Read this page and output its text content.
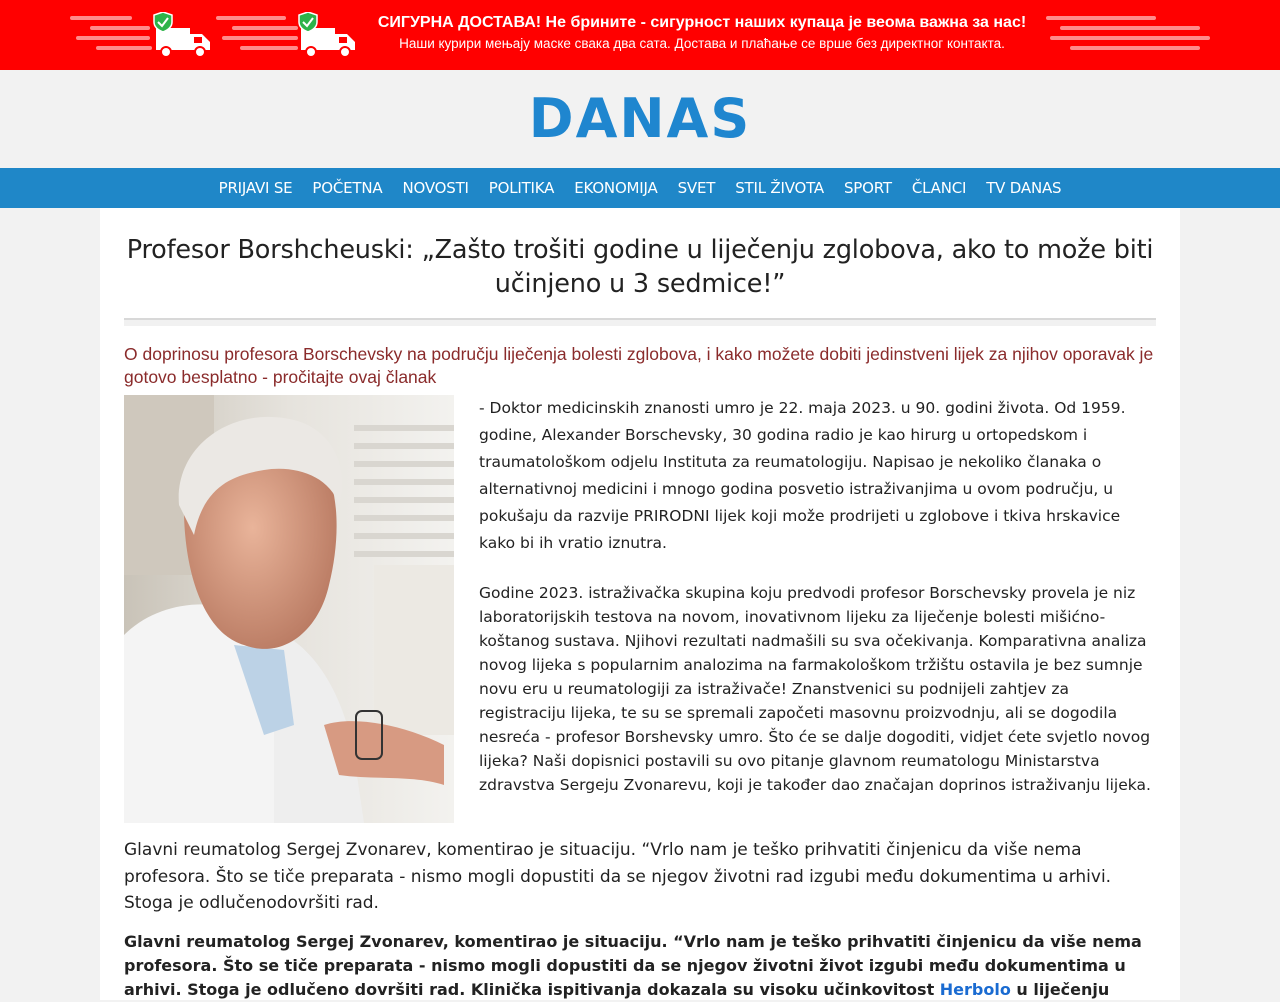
СИГУРНА ДОСТАВА! Не брините - сигурност наших купаца је веома важна за нас!
Наши курири мењају маске свака два сата. Достава и плаћање се врше без директног контакта.
DANAS
PRIJAVI SE	POČETNA	NOVOSTI	POLITIKA	EKONOMIJA	SVET	STIL ŽIVOTA	SPORT	ČLANCI	TV DANAS
Profesor Borshcheuski: „Zašto trošiti godine u liječenju zglobova, ako to može biti učinjeno u 3 sedmice!”

O doprinosu profesora Borschevsky na području liječenja bolesti zglobova, i kako možete dobiti jedinstveni lijek za njihov oporavak je gotovo besplatno - pročitajte ovaj članak

- Doktor medicinskih znanosti umro je 22. maja 2023. u 90. godini života. Od 1959. godine, Alexander Borschevsky, 30 godina radio je kao hirurg u ortopedskom i traumatološkom odjelu Instituta za reumatologiju. Napisao je nekoliko članaka o alternativnoj medicini i mnogo godina posvetio istraživanjima u ovom području, u pokušaju da razvije PRIRODNI lijek koji može prodrijeti u zglobove i tkiva hrskavice kako bi ih vratio iznutra.

Godine 2023. istraživačka skupina koju predvodi profesor Borschevsky provela je niz laboratorijskih testova na novom, inovativnom lijeku za liječenje bolesti mišićno-koštanog sustava. Njihovi rezultati nadmašili su sva očekivanja. Komparativna analiza novog lijeka s popularnim analozima na farmakološkom tržištu ostavila je bez sumnje novu eru u reumatologiji za istraživače! Znanstvenici su podnijeli zahtjev za registraciju lijeka, te su se spremali započeti masovnu proizvodnju, ali se dogodila nesreća - profesor Borshevsky umro. Što će se dalje dogoditi, vidjet ćete svjetlo novog lijeka? Naši dopisnici postavili su ovo pitanje glavnom reumatologu Ministarstva zdravstva Sergeju Zvonarevu, koji je također dao značajan doprinos istraživanju lijeka.

Glavni reumatolog Sergej Zvonarev, komentirao je situaciju. “Vrlo nam je teško prihvatiti činjenicu da više nema profesora. Što se tiče preparata - nismo mogli dopustiti da se njegov životni rad izgubi među dokumentima u arhivi. Stoga je odlučenodovršiti rad.

Glavni reumatolog Sergej Zvonarev, komentirao je situaciju. “Vrlo nam je teško prihvatiti činjenicu da više nema profesora. Što se tiče preparata - nismo mogli dopustiti da se njegov životni život izgubi među dokumentima u arhivi. Stoga je odlučeno dovršiti rad. Klinička ispitivanja dokazala su visoku učinkovitost Herbolo u liječenju
